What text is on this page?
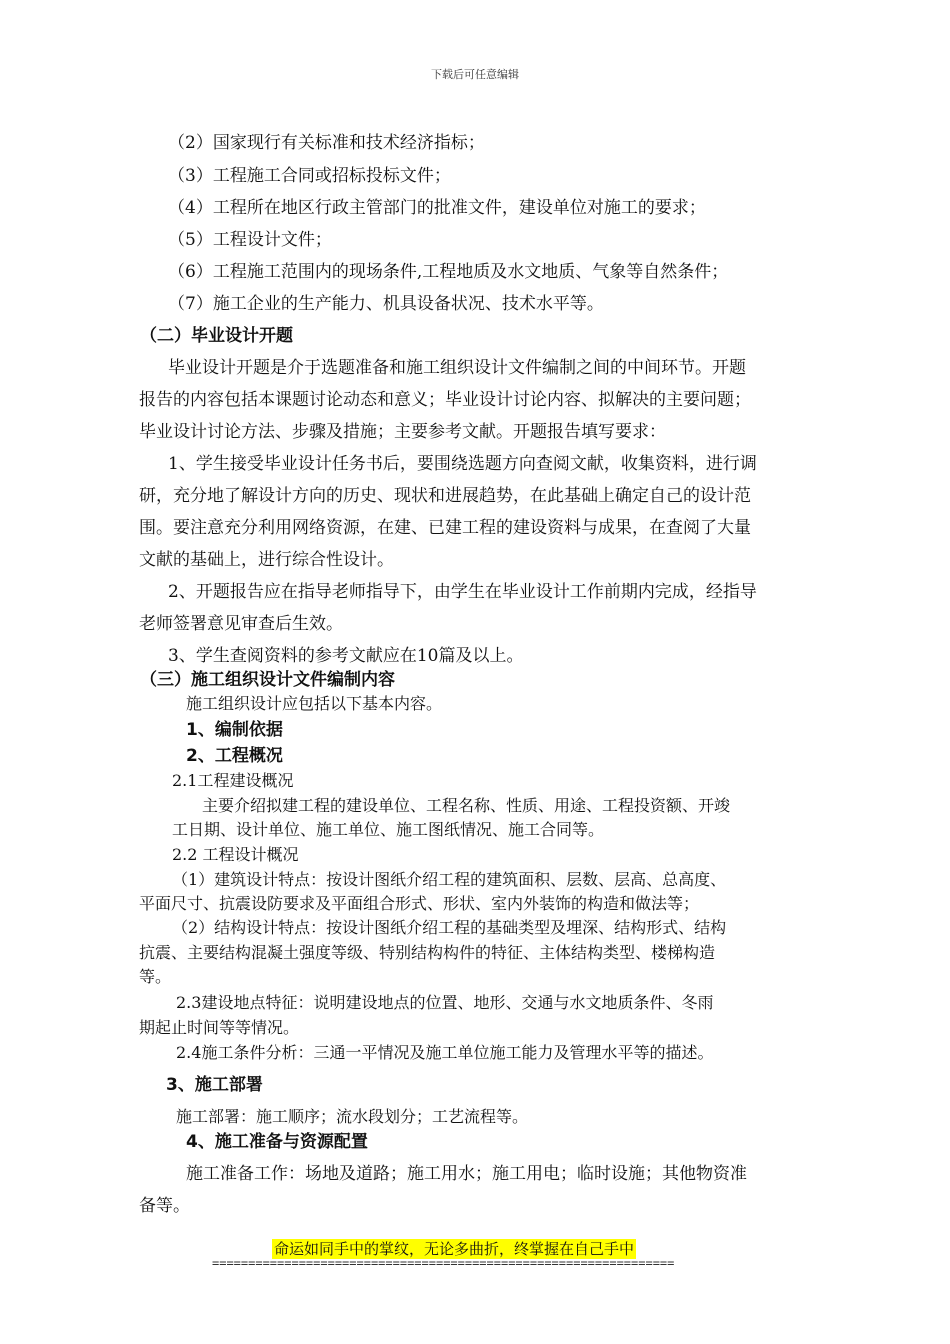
下载后可任意编辑
（2）国家现行有关标准和技术经济指标；
（3）工程施工合同或招标投标文件；
（4）工程所在地区行政主管部门的批准文件，建设单位对施工的要求；
（5）工程设计文件；
（6）工程施工范围内的现场条件,工程地质及水文地质、气象等自然条件；
（7）施工企业的生产能力、机具设备状况、技术水平等。
（二）毕业设计开题
毕业设计开题是介于选题准备和施工组织设计文件编制之间的中间环节。开题
报告的内容包括本课题讨论动态和意义；毕业设计讨论内容、拟解决的主要问题；
毕业设计讨论方法、步骤及措施；主要参考文献。开题报告填写要求：
1、学生接受毕业设计任务书后，要围绕选题方向查阅文献，收集资料，进行调
研，充分地了解设计方向的历史、现状和进展趋势，在此基础上确定自己的设计范
围。要注意充分利用网络资源，在建、已建工程的建设资料与成果，在查阅了大量
文献的基础上，进行综合性设计。
2、开题报告应在指导老师指导下，由学生在毕业设计工作前期内完成，经指导
老师签署意见审查后生效。
3、学生查阅资料的参考文献应在10篇及以上。
（三）施工组织设计文件编制内容
施工组织设计应包括以下基本内容。
1、编制依据
2、工程概况
2.1工程建设概况
主要介绍拟建工程的建设单位、工程名称、性质、用途、工程投资额、开竣
工日期、设计单位、施工单位、施工图纸情况、施工合同等。
2.2 工程设计概况
（1）建筑设计特点：按设计图纸介绍工程的建筑面积、层数、层高、总高度、
平面尺寸、抗震设防要求及平面组合形式、形状、室内外装饰的构造和做法等；
（2）结构设计特点：按设计图纸介绍工程的基础类型及埋深、结构形式、结构
抗震、主要结构混凝土强度等级、特别结构构件的特征、主体结构类型、楼梯构造
等。
2.3建设地点特征：说明建设地点的位置、地形、交通与水文地质条件、冬雨
期起止时间等等情况。
2.4施工条件分析：三通一平情况及施工单位施工能力及管理水平等的描述。
3、施工部署
施工部署：施工顺序；流水段划分；工艺流程等。
4、施工准备与资源配置
施工准备工作：场地及道路；施工用水；施工用电；临时设施；其他物资准
备等。
命运如同手中的掌纹，无论多曲折，终掌握在自己手中
================================================================
